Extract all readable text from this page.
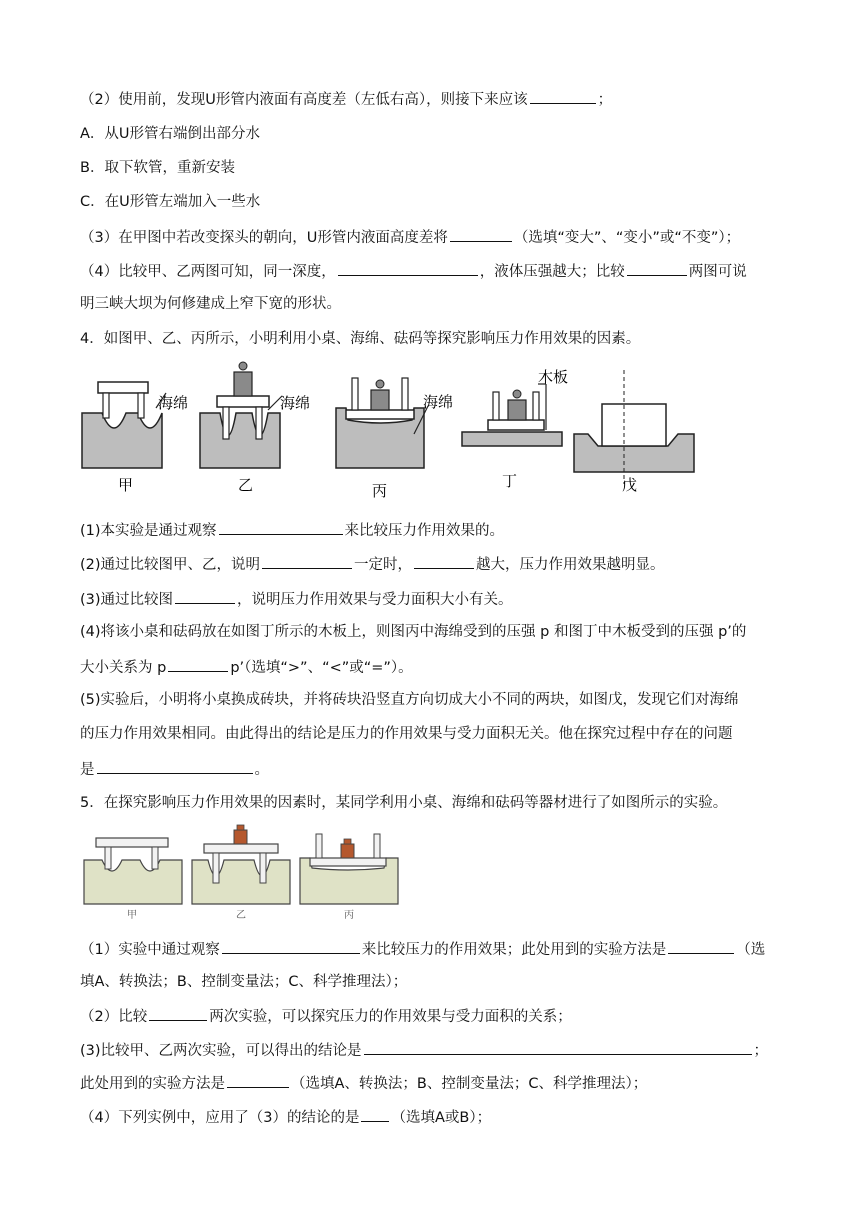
（2）使用前，发现U形管内液面有高度差（左低右高），则接下来应该	；
A．从U形管右端倒出部分水
B．取下软管，重新安装
C．在U形管左端加入一些水
（3）在甲图中若改变探头的朝向，U形管内液面高度差将	（选填“变大”、“变小”或“不变”）；
（4）比较甲、乙两图可知，同一深度，	，液体压强越大；比较	两图可说
明三峡大坝为何修建成上窄下宽的形状。
4．如图甲、乙、丙所示，小明利用小桌、海绵、砝码等探究影响压力作用效果的因素。
海绵
甲
海绵
乙
海绵
丙
木板
丁	戊
(1)本实验是通过观察	来比较压力作用效果的。
(2)通过比较图甲、乙，说明	一定时，	越大，压力作用效果越明显。
(3)通过比较图	，说明压力作用效果与受力面积大小有关。
(4)将该小桌和砝码放在如图丁所示的木板上，则图丙中海绵受到的压强 p 和图丁中木板受到的压强 p’的
大小关系为 p	p’（选填“>”、“<”或“=”）。
(5)实验后，小明将小桌换成砖块，并将砖块沿竖直方向切成大小不同的两块，如图戊，发现它们对海绵
的压力作用效果相同。由此得出的结论是压力的作用效果与受力面积无关。他在探究过程中存在的问题
是	。
5．在探究影响压力作用效果的因素时，某同学利用小桌、海绵和砝码等器材进行了如图所示的实验。
甲	乙	丙
（1）实验中通过观察	来比较压力的作用效果；此处用到的实验方法是	（选
填A、转换法；B、控制变量法；C、科学推理法）；
（2）比较	两次实验，可以探究压力的作用效果与受力面积的关系；
(3)比较甲、乙两次实验，可以得出的结论是	；
此处用到的实验方法是	（选填A、转换法；B、控制变量法；C、科学推理法）；
（4）下列实例中，应用了（3）的结论的是 （选填A或B）；
